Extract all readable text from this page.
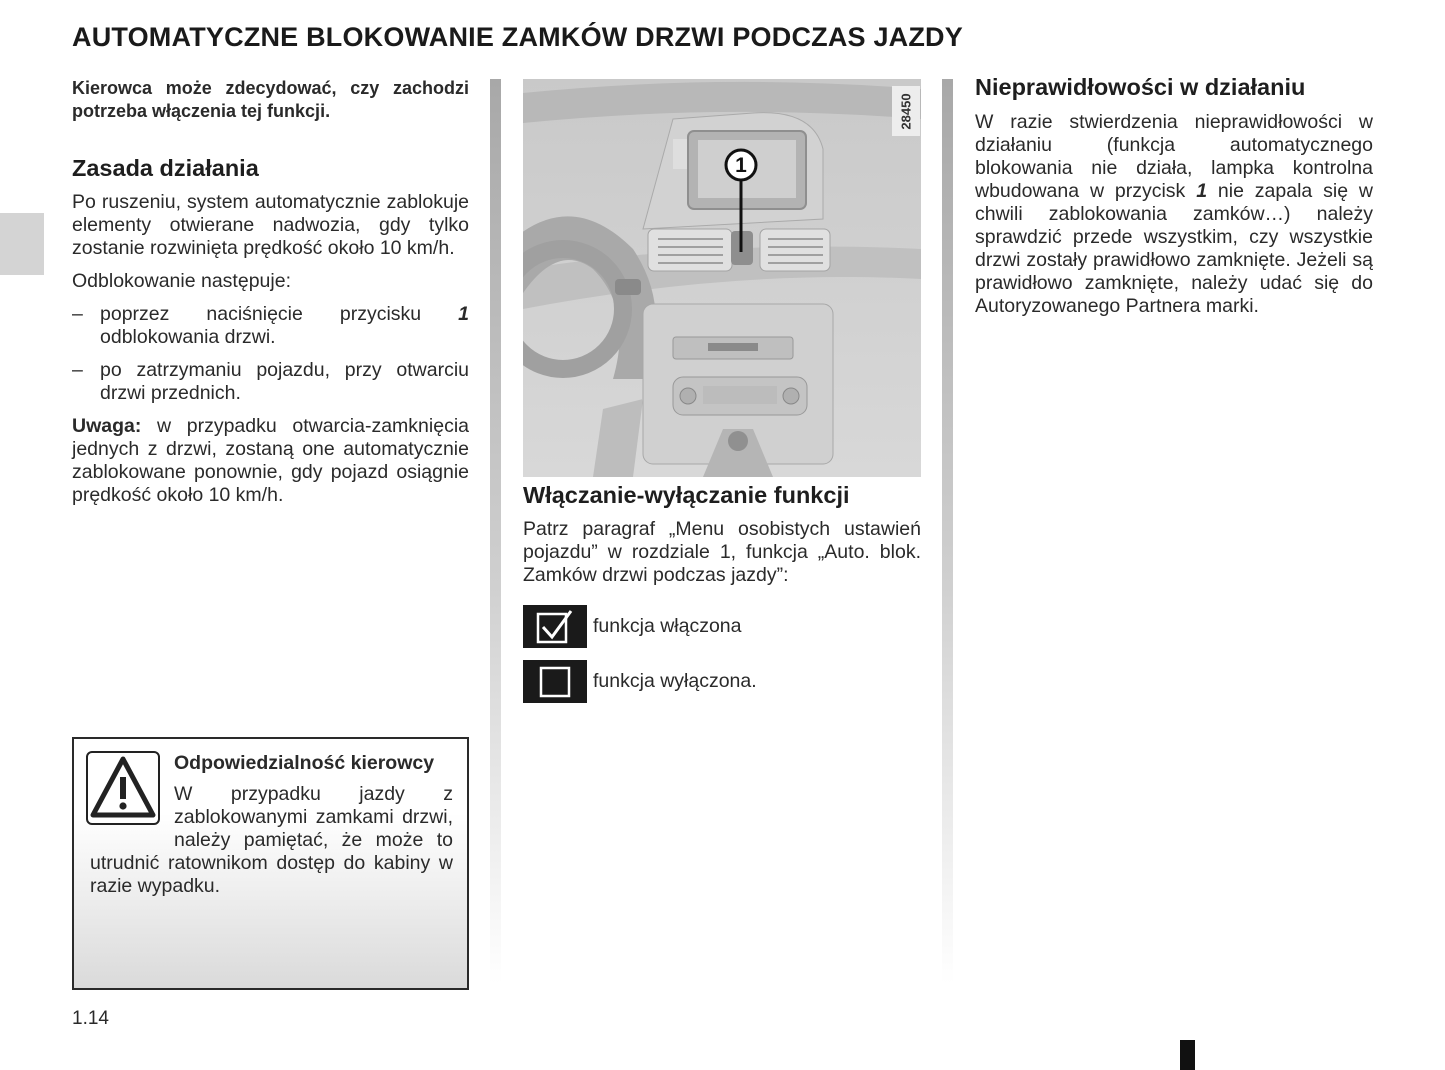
AUTOMATYCZNE BLOKOWANIE ZAMKÓW DRZWI PODCZAS JAZDY

Kierowca może zdecydować, czy zachodzi potrzeba włączenia tej funkcji.

Zasada działania

Po ruszeniu, system automatycznie zablokuje elementy otwierane nadwozia, gdy tylko zostanie rozwinięta prędkość około 10 km/h.

Odblokowanie następuje:

– poprzez naciśnięcie przycisku 1 odblokowania drzwi.
– po zatrzymaniu pojazdu, przy otwarciu drzwi przednich.

Uwaga: w przypadku otwarcia-zamknięcia jednych z drzwi, zostaną one automatycznie zablokowane ponownie, gdy pojazd osiągnie prędkość około 10 km/h.

Odpowiedzialność kierowcy
W przypadku jazdy z zablokowanymi zamkami drzwi, należy pamiętać, że może to utrudnić ratownikom dostęp do kabiny w razie wypadku.
1.14
1
28450
Włączanie-wyłączanie funkcji

Patrz paragraf „Menu osobistych ustawień pojazdu” w rozdziale 1, funkcja „Auto. blok. Zamków drzwi podczas jazdy”:

funkcja włączona
funkcja wyłączona.
Nieprawidłowości w działaniu

W razie stwierdzenia nieprawidłowości w działaniu (funkcja automatycznego blokowania nie działa, lampka kontrolna wbudowana w przycisk 1 nie zapala się w chwili zablokowania zamków…) należy sprawdzić przede wszystkim, czy wszystkie drzwi zostały prawidłowo zamknięte. Jeżeli są prawidłowo zamknięte, należy udać się do Autoryzowanego Partnera marki.
